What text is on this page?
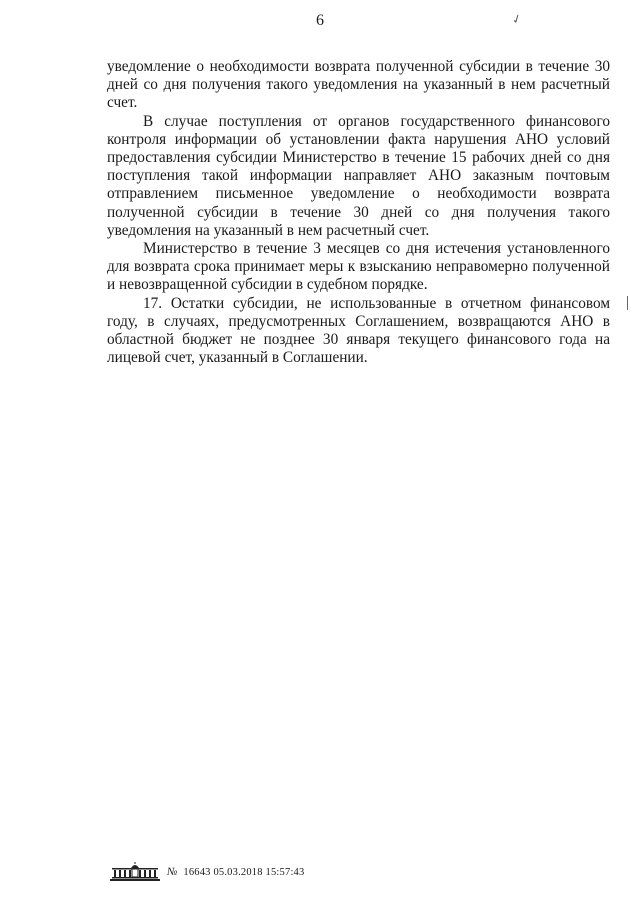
6	✓

уведомление о необходимости возврата полученной субсидии в течение 30 дней со дня получения такого уведомления на указанный в нем расчетный счет.

В случае поступления от органов государственного финансового контроля информации об установлении факта нарушения АНО условий предоставления субсидии Министерство в течение 15 рабочих дней со дня поступления такой информации направляет АНО заказным почтовым отправлением письменное уведомление о необходимости возврата полученной субсидии в течение 30 дней со дня получения такого уведомления на указанный в нем расчетный счет.

Министерство в течение 3 месяцев со дня истечения установленного для возврата срока принимает меры к взысканию неправомерно полученной и невозвращенной субсидии в судебном порядке.

17. Остатки субсидии, не использованные в отчетном финансовом году, в случаях, предусмотренных Соглашением, возвращаются АНО в областной бюджет не позднее 30 января текущего финансового года на лицевой счет, указанный в Соглашении.

№ 16643 05.03.2018 15:57:43
